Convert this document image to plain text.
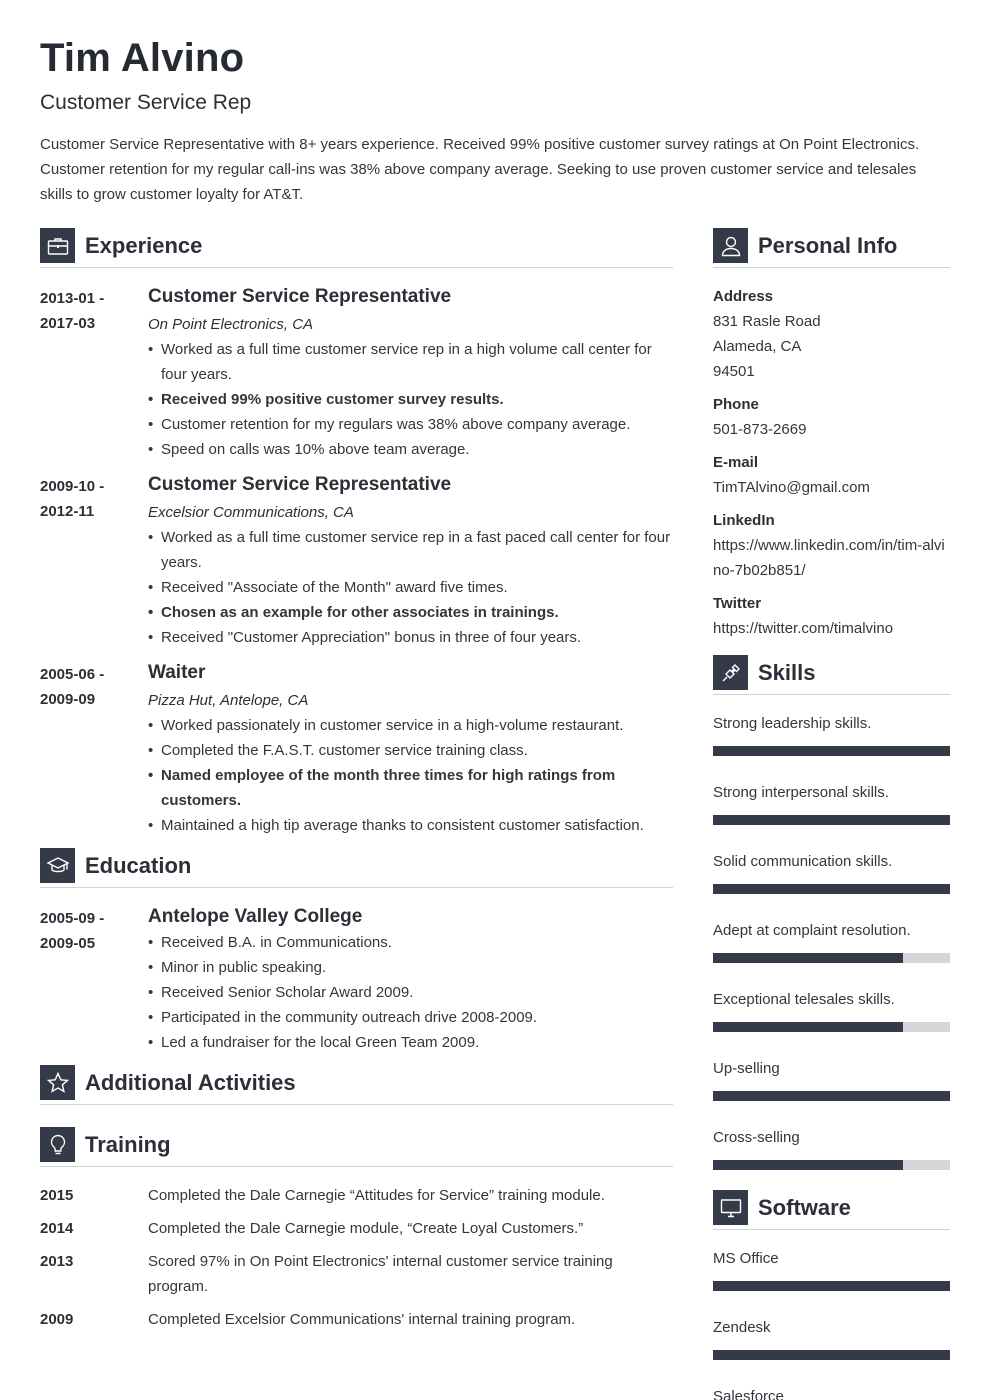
Tim Alvino
Customer Service Rep
Customer Service Representative with 8+ years experience. Received 99% positive customer survey ratings at On Point Electronics. Customer retention for my regular call-ins was 38% above company average. Seeking to use proven customer service and telesales skills to grow customer loyalty for AT&T.
Experience
2013-01 -
2017-03
Customer Service Representative
On Point Electronics, CA
• Worked as a full time customer service rep in a high volume call center for four years.
• Received 99% positive customer survey results.
• Customer retention for my regulars was 38% above company average.
• Speed on calls was 10% above team average.
2009-10 -
2012-11
Customer Service Representative
Excelsior Communications, CA
• Worked as a full time customer service rep in a fast paced call center for four years.
• Received "Associate of the Month" award five times.
• Chosen as an example for other associates in trainings.
• Received "Customer Appreciation" bonus in three of four years.
2005-06 -
2009-09
Waiter
Pizza Hut, Antelope, CA
• Worked passionately in customer service in a high-volume restaurant.
• Completed the F.A.S.T. customer service training class.
• Named employee of the month three times for high ratings from customers.
• Maintained a high tip average thanks to consistent customer satisfaction.
Education
2005-09 -
2009-05
Antelope Valley College
• Received B.A. in Communications.
• Minor in public speaking.
• Received Senior Scholar Award 2009.
• Participated in the community outreach drive 2008-2009.
• Led a fundraiser for the local Green Team 2009.
Additional Activities
Training
2015	Completed the Dale Carnegie “Attitudes for Service” training module.
2014	Completed the Dale Carnegie module, “Create Loyal Customers.”
2013	Scored 97% in On Point Electronics' internal customer service training program.
2009	Completed Excelsior Communications' internal training program.
Personal Info
Address
831 Rasle Road
Alameda, CA
94501
Phone
501-873-2669
E-mail
TimTAlvino@gmail.com
LinkedIn
https://www.linkedin.com/in/tim-alvino-7b02b851/
Twitter
https://twitter.com/timalvino
Skills
Strong leadership skills.
Strong interpersonal skills.
Solid communication skills.
Adept at complaint resolution.
Exceptional telesales skills.
Up-selling
Cross-selling
Software
MS Office
Zendesk
Salesforce
